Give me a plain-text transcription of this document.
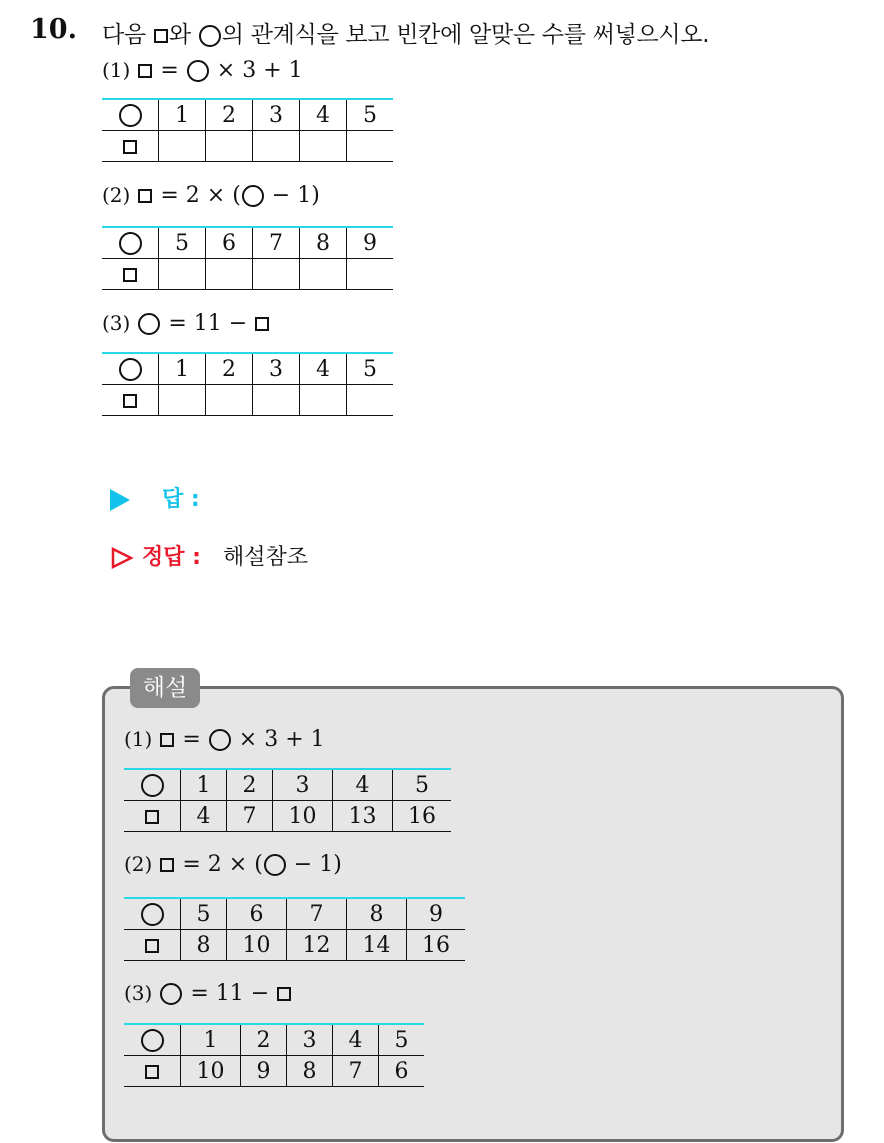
10. 다음 와 의 관계식을 보고 빈칸에 알맞은 수를 써넣으시오.
(1) = × 3 + 1
	1	2	3	4	5

(2) = 2 × ( − 1)
	5	6	7	8	9

(3) = 11 −
	1	2	3	4	5

답 :
정답 : 해설참조
해설
(1) = × 3 + 1
	1	2	3	4	5
	4	7	10	13	16
(2) = 2 × ( − 1)
	5	6	7	8	9
	8	10	12	14	16
(3) = 11 −
	1	2	3	4	5
	10	9	8	7	6
